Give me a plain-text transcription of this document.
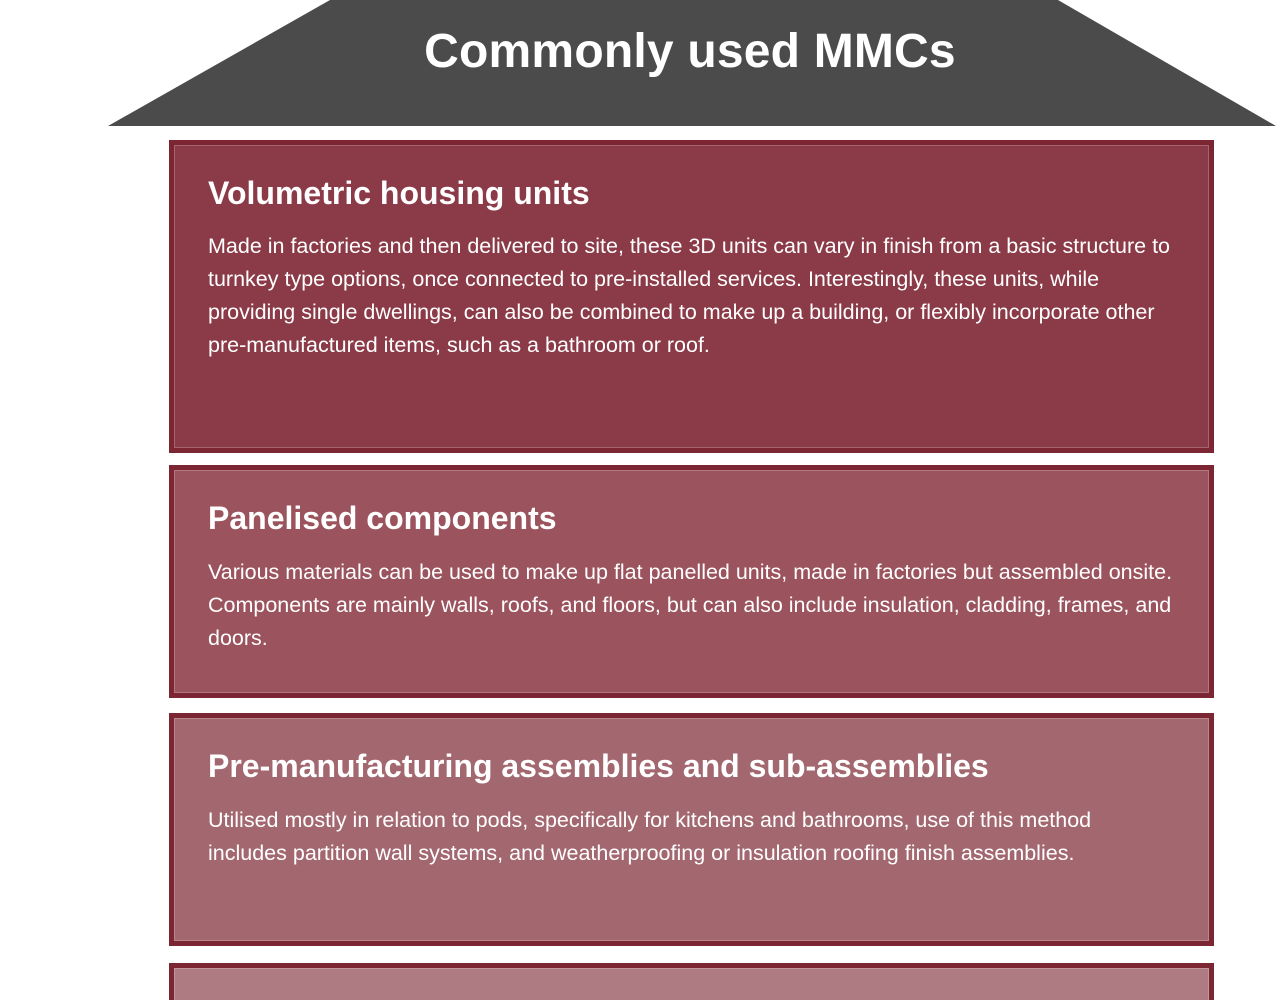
Commonly used MMCs
Volumetric housing units
Made in factories and then delivered to site, these 3D units can vary in finish from a basic structure to turnkey type options, once connected to pre-installed services. Interestingly, these units, while providing single dwellings, can also be combined to make up a building, or flexibly incorporate other pre-manufactured items, such as a bathroom or roof.
Panelised components
Various materials can be used to make up flat panelled units, made in factories but assembled onsite. Components are mainly walls, roofs, and floors, but can also include insulation, cladding, frames, and doors.
Pre-manufacturing assemblies and sub-assemblies
Utilised mostly in relation to pods, specifically for kitchens and bathrooms, use of this method includes partition wall systems, and weatherproofing or insulation roofing finish assemblies.
